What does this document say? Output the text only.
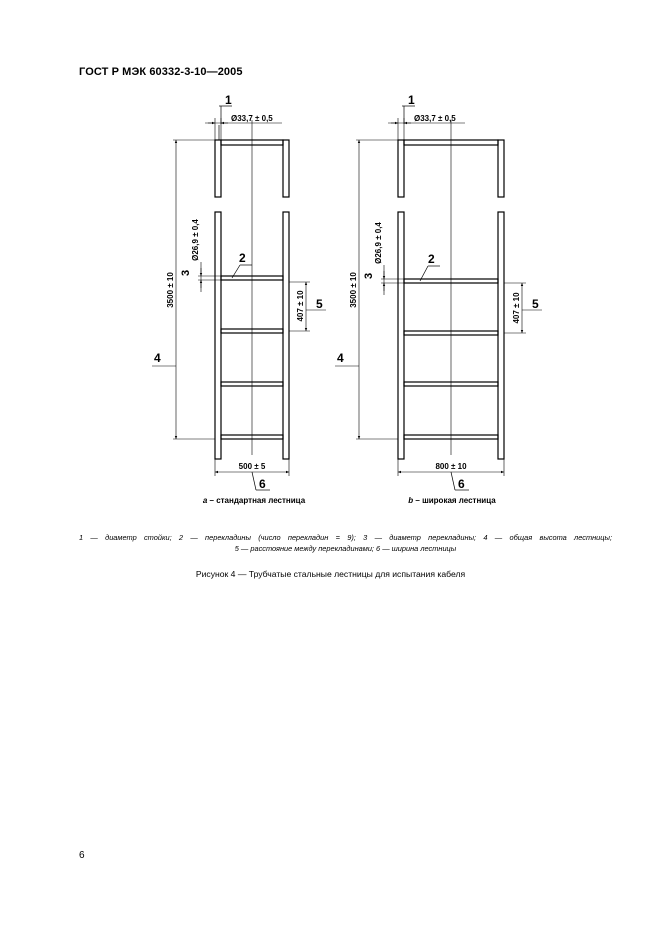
ГОСТ Р МЭК 60332-3-10—2005
1
Ø33,7 ± 0,5
3500 ± 10
4
Ø26,9 ± 0,4
3
2
407 ± 10 5
500 ± 5
6
a – стандартная лестница
1
Ø33,7 ± 0,5
3500 ± 10
4
Ø26,9 ± 0,4
3
2
407 ± 10 5
800 ± 10
6
b – широкая лестница
1 — диаметр стойки; 2 — перекладины (число перекладин = 9); 3 — диаметр перекладины; 4 — общая высота лестницы;
5 — расстояние между перекладинами; 6 — ширина лестницы
Рисунок 4 — Трубчатые стальные лестницы для испытания кабеля
6
